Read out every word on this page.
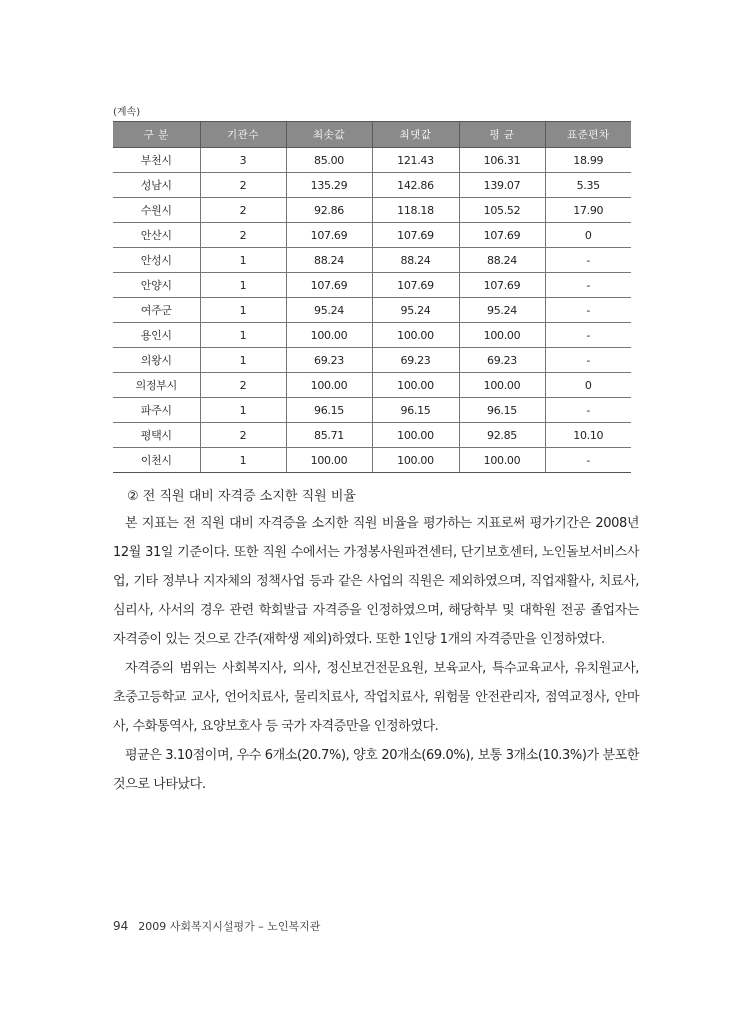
(계속)
구 분	기관수	최솟값	최댓값	평 균	표준편차
부천시	3	85.00	121.43	106.31	18.99
성남시	2	135.29	142.86	139.07	5.35
수원시	2	92.86	118.18	105.52	17.90
안산시	2	107.69	107.69	107.69	0
안성시	1	88.24	88.24	88.24	-
안양시	1	107.69	107.69	107.69	-
여주군	1	95.24	95.24	95.24	-
용인시	1	100.00	100.00	100.00	-
의왕시	1	69.23	69.23	69.23	-
의정부시	2	100.00	100.00	100.00	0
파주시	1	96.15	96.15	96.15	-
평택시	2	85.71	100.00	92.85	10.10
이천시	1	100.00	100.00	100.00	-
② 전 직원 대비 자격증 소지한 직원 비율

본 지표는 전 직원 대비 자격증을 소지한 직원 비율을 평가하는 지표로써 평가기간은 2008년 12월 31일 기준이다. 또한 직원 수에서는 가정봉사원파견센터, 단기보호센터, 노인돌보서비스사업, 기타 정부나 지자체의 정책사업 등과 같은 사업의 직원은 제외하였으며, 직업재활사, 치료사, 심리사, 사서의 경우 관련 학회발급 자격증을 인정하였으며, 해당학부 및 대학원 전공 졸업자는 자격증이 있는 것으로 간주(재학생 제외)하였다. 또한 1인당 1개의 자격증만을 인정하였다.

자격증의 범위는 사회복지사, 의사, 정신보건전문요원, 보육교사, 특수교육교사, 유치원교사, 초중고등학교 교사, 언어치료사, 물리치료사, 작업치료사, 위험물 안전관리자, 점역교정사, 안마사, 수화통역사, 요양보호사 등 국가 자격증만을 인정하였다.

평균은 3.10점이며, 우수 6개소(20.7%), 양호 20개소(69.0%), 보통 3개소(10.3%)가 분포한 것으로 나타났다.

94 2009 사회복지시설평가 – 노인복지관
